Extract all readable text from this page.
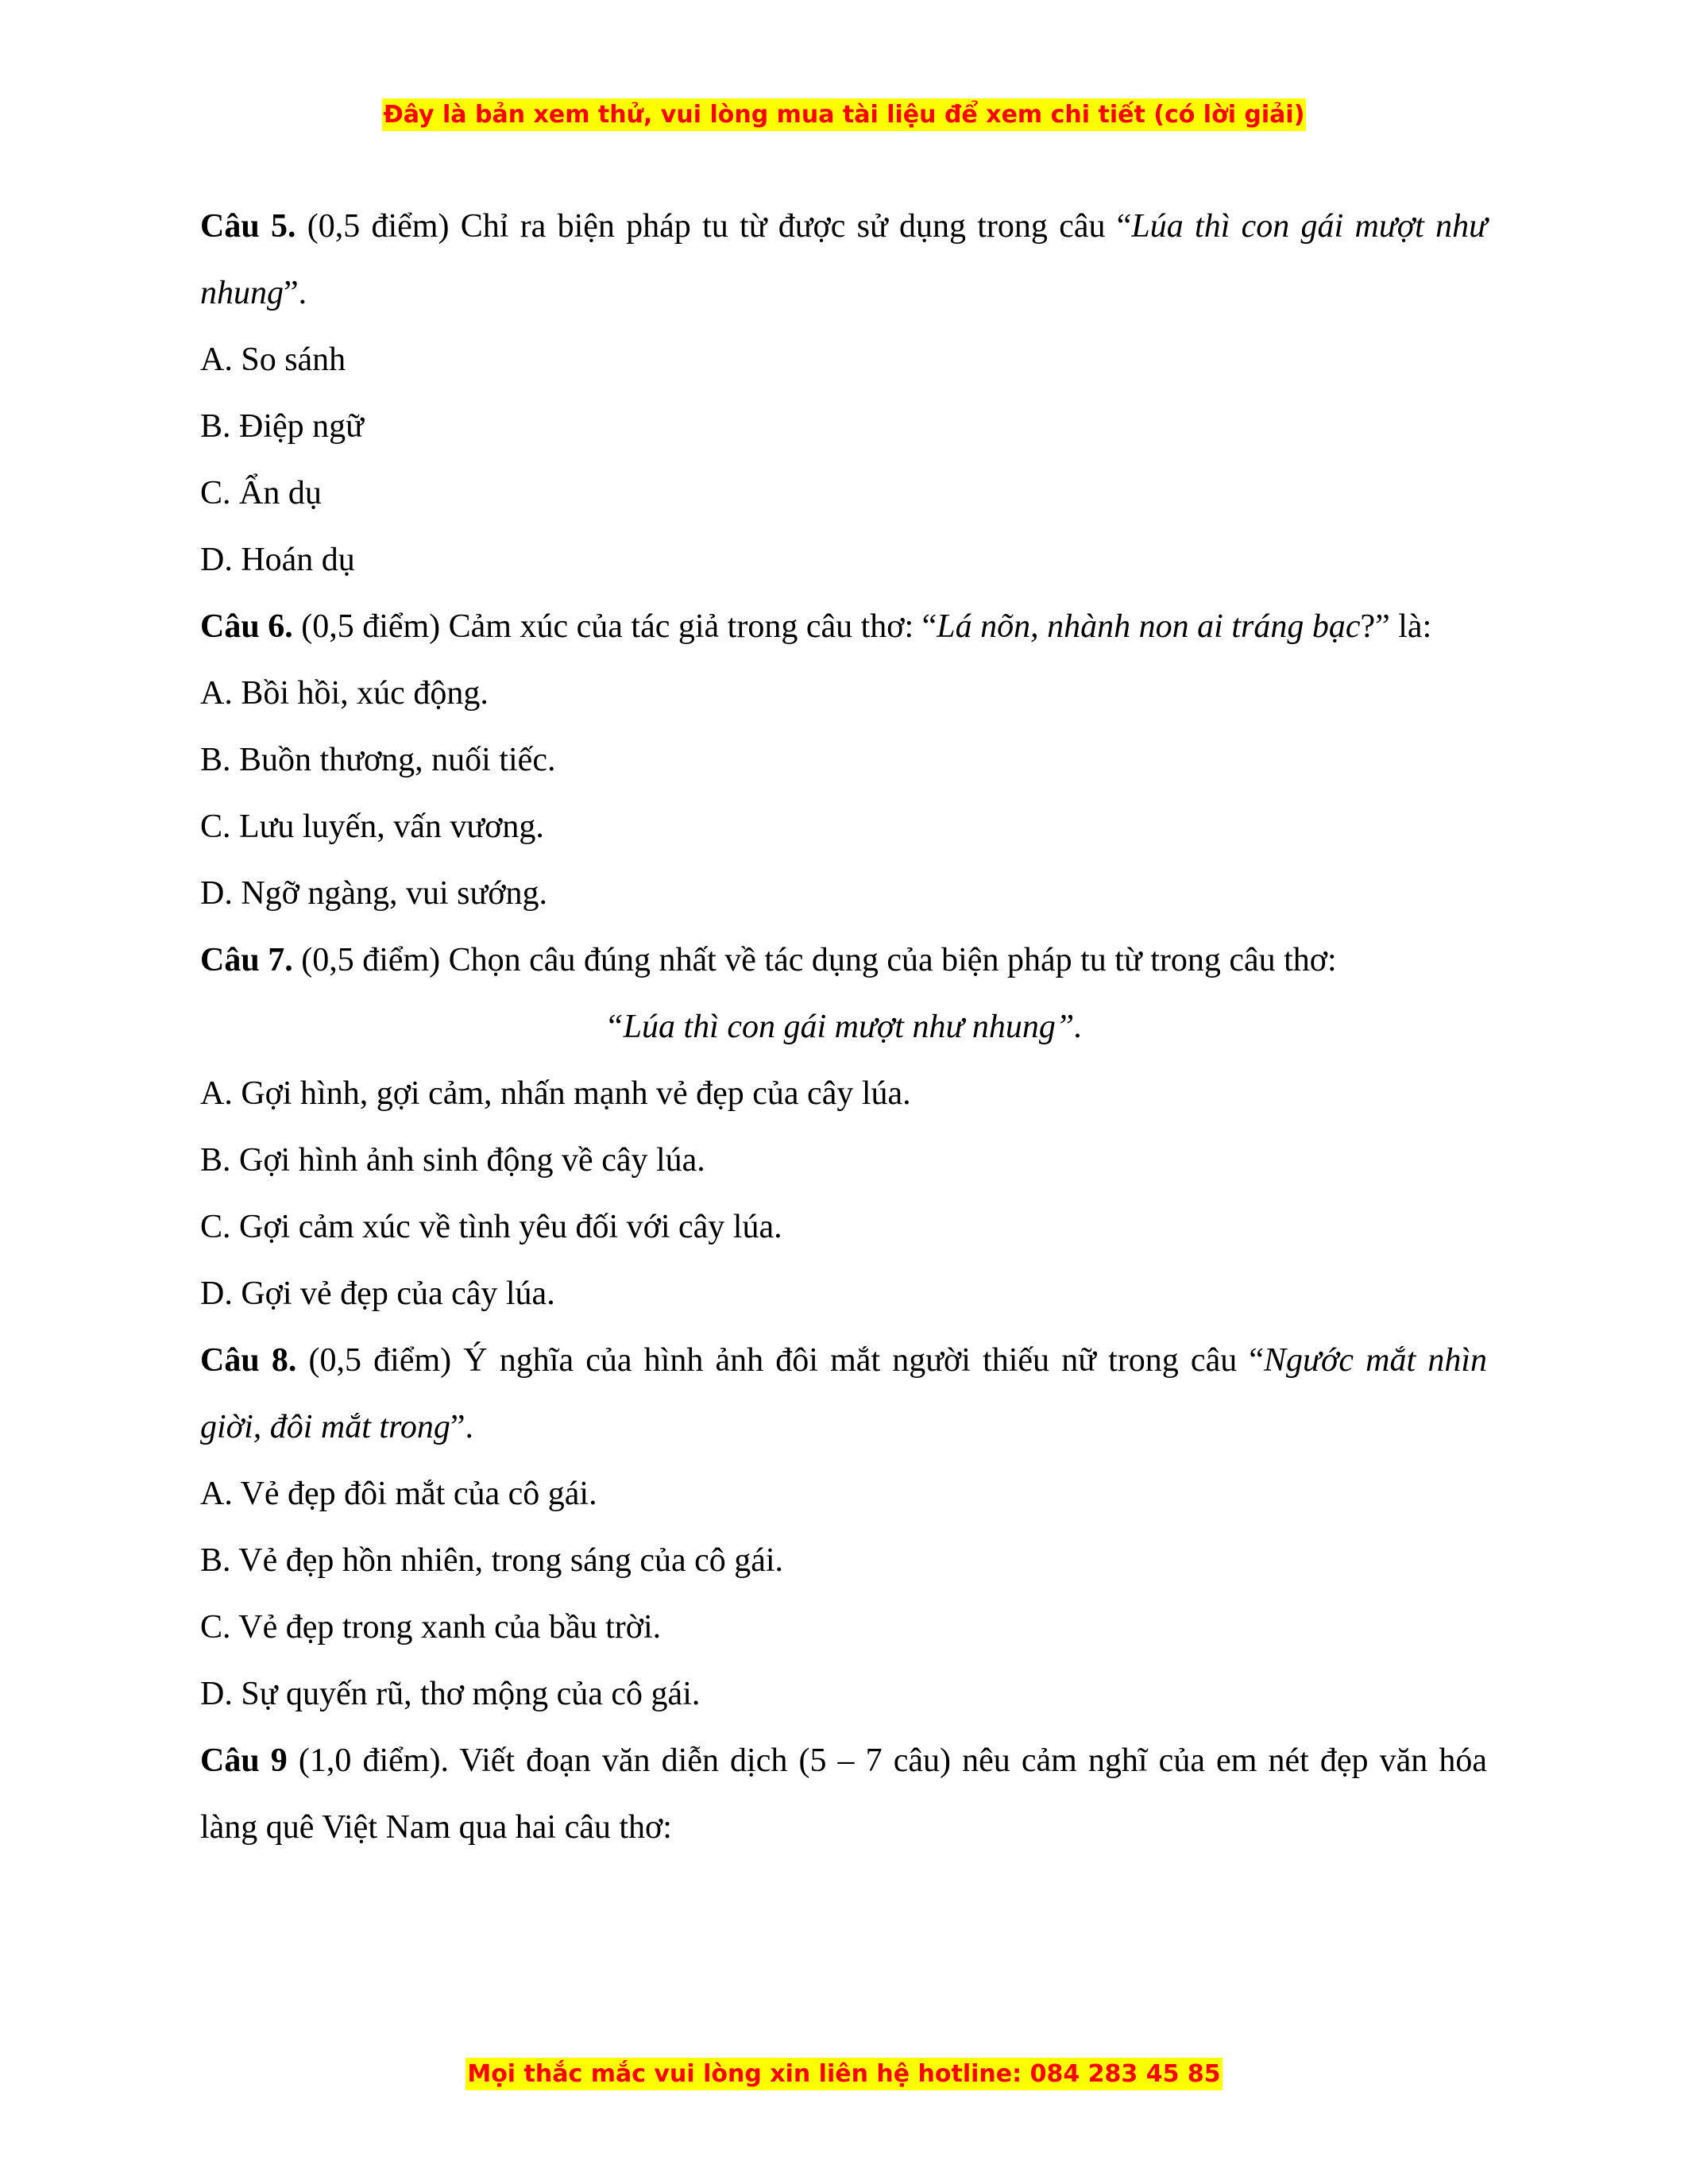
Đây là bản xem thử, vui lòng mua tài liệu để xem chi tiết (có lời giải)

Câu 5. (0,5 điểm) Chỉ ra biện pháp tu từ được sử dụng trong câu “Lúa thì con gái mượt như nhung”.

A. So sánh

B. Điệp ngữ

C. Ẩn dụ

D. Hoán dụ

Câu 6. (0,5 điểm) Cảm xúc của tác giả trong câu thơ: “Lá nõn, nhành non ai tráng bạc?” là:

A. Bồi hồi, xúc động.

B. Buồn thương, nuối tiếc.

C. Lưu luyến, vấn vương.

D. Ngỡ ngàng, vui sướng.

Câu 7. (0,5 điểm) Chọn câu đúng nhất về tác dụng của biện pháp tu từ trong câu thơ:

“Lúa thì con gái mượt như nhung”.

A. Gợi hình, gợi cảm, nhấn mạnh vẻ đẹp của cây lúa.

B. Gợi hình ảnh sinh động về cây lúa.

C. Gợi cảm xúc về tình yêu đối với cây lúa.

D. Gợi vẻ đẹp của cây lúa.

Câu 8. (0,5 điểm) Ý nghĩa của hình ảnh đôi mắt người thiếu nữ trong câu “Ngước mắt nhìn giời, đôi mắt trong”.

A. Vẻ đẹp đôi mắt của cô gái.

B. Vẻ đẹp hồn nhiên, trong sáng của cô gái.

C. Vẻ đẹp trong xanh của bầu trời.

D. Sự quyến rũ, thơ mộng của cô gái.

Câu 9 (1,0 điểm). Viết đoạn văn diễn dịch (5 – 7 câu) nêu cảm nghĩ của em nét đẹp văn hóa làng quê Việt Nam qua hai câu thơ:

Mọi thắc mắc vui lòng xin liên hệ hotline: 084 283 45 85
